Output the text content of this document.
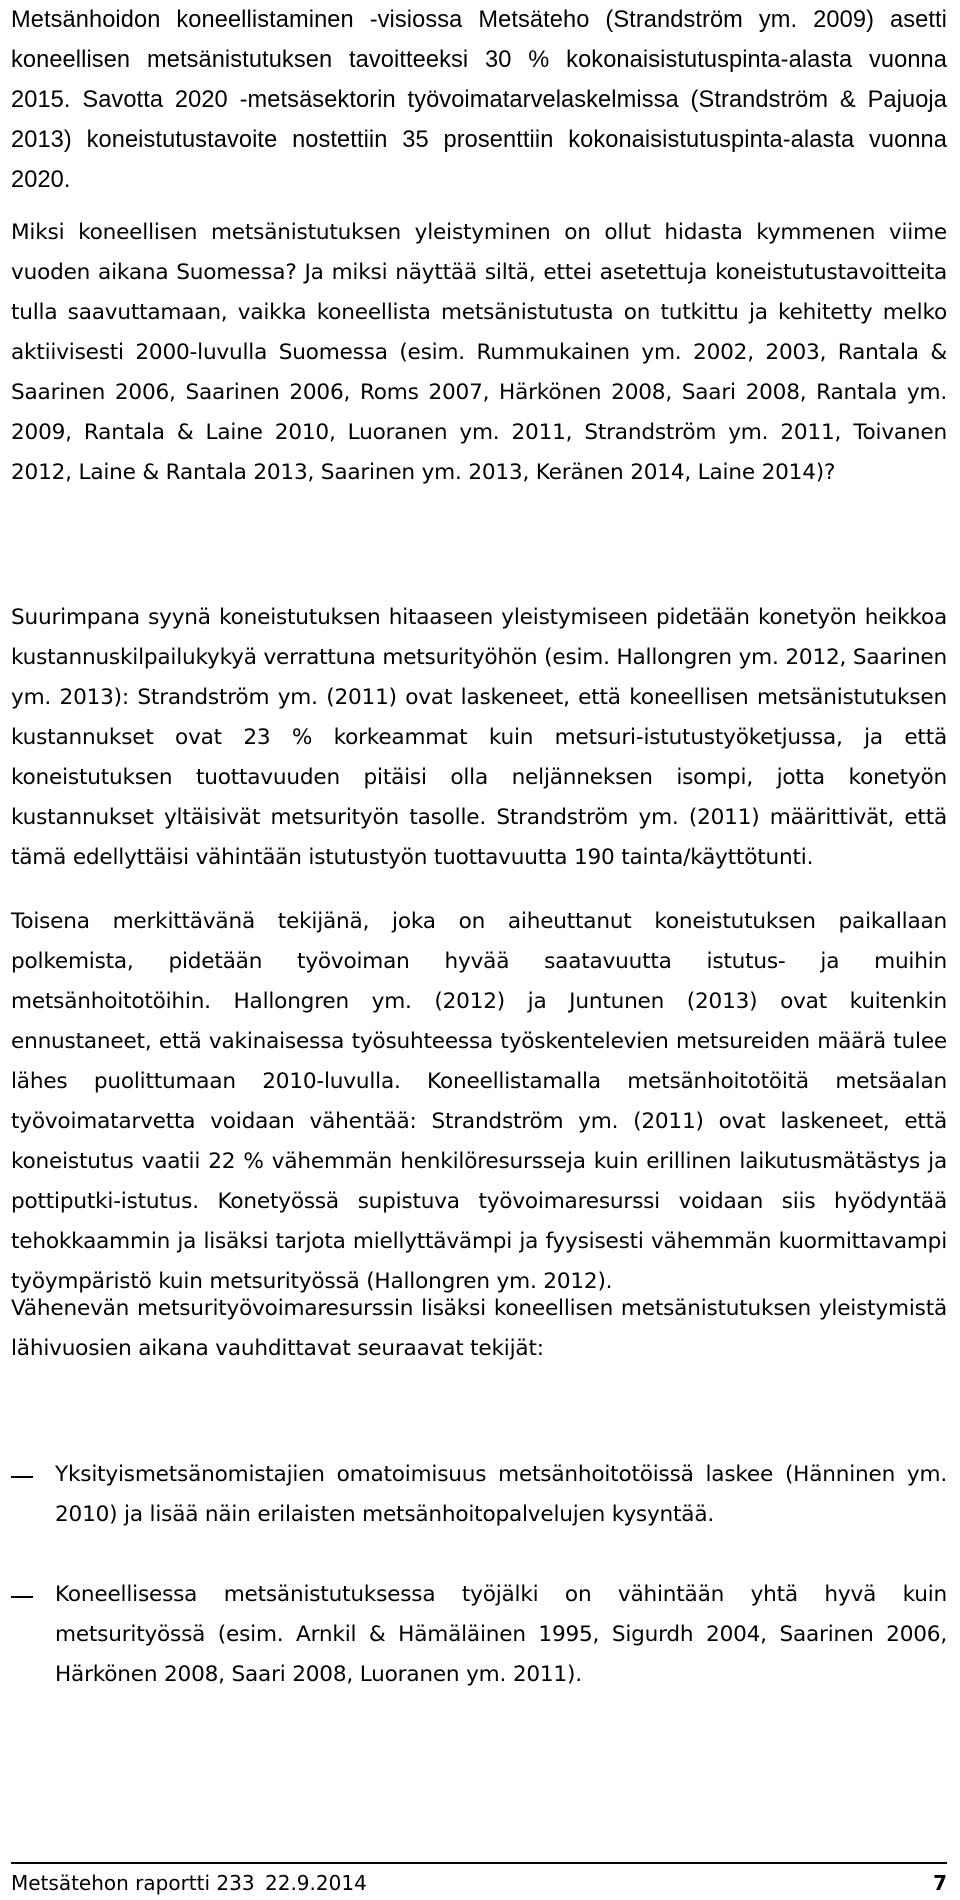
Metsänhoidon koneellistaminen -visiossa Metsäteho (Strandström ym. 2009) asetti koneellisen metsänistutuksen tavoitteeksi 30 % kokonaisistutuspinta-alasta vuonna 2015. Savotta 2020 -metsäsektorin työvoimatarvelaskelmissa (Strandström & Pajuoja 2013) koneistutustavoite nostettiin 35 prosenttiin kokonaisistutuspinta-alasta vuonna 2020.

Miksi koneellisen metsänistutuksen yleistyminen on ollut hidasta kymmenen viime vuoden aikana Suomessa? Ja miksi näyttää siltä, ettei asetettuja koneistutustavoitteita tulla saavuttamaan, vaikka koneellista metsänistutusta on tutkittu ja kehitetty melko aktiivisesti 2000-luvulla Suomessa (esim. Rummukainen ym. 2002, 2003, Rantala & Saarinen 2006, Saarinen 2006, Roms 2007, Härkönen 2008, Saari 2008, Rantala ym. 2009, Rantala & Laine 2010, Luoranen ym. 2011, Strandström ym. 2011, Toivanen 2012, Laine & Rantala 2013, Saarinen ym. 2013, Keränen 2014, Laine 2014)?

Suurimpana syynä koneistutuksen hitaaseen yleistymiseen pidetään konetyön heikkoa kustannuskilpailukykyä verrattuna metsurityöhön (esim. Hallongren ym. 2012, Saarinen ym. 2013): Strandström ym. (2011) ovat laskeneet, että koneellisen metsänistutuksen kustannukset ovat 23 % korkeammat kuin metsuri-istutustyöketjussa, ja että koneistutuksen tuottavuuden pitäisi olla neljänneksen isompi, jotta konetyön kustannukset yltäisivät metsurityön tasolle. Strandström ym. (2011) määrittivät, että tämä edellyttäisi vähintään istutustyön tuottavuutta 190 tainta/käyttötunti.

Toisena merkittävänä tekijänä, joka on aiheuttanut koneistutuksen paikallaan polkemista, pidetään työvoiman hyvää saatavuutta istutus- ja muihin metsänhoitotöihin. Hallongren ym. (2012) ja Juntunen (2013) ovat kuitenkin ennustaneet, että vakinaisessa työsuhteessa työskentelevien metsureiden määrä tulee lähes puolittumaan 2010-luvulla. Koneellistamalla metsänhoitotöitä metsäalan työvoimatarvetta voidaan vähentää: Strandström ym. (2011) ovat laskeneet, että koneistutus vaatii 22 % vähemmän henkilöresursseja kuin erillinen laikutusmätästys ja pottiputki-istutus. Konetyössä supistuva työvoimaresurssi voidaan siis hyödyntää tehokkaammin ja lisäksi tarjota miellyttävämpi ja fyysisesti vähemmän kuormittavampi työympäristö kuin metsurityössä (Hallongren ym. 2012).

Vähenevän metsurityövoimaresurssin lisäksi koneellisen metsänistutuksen yleistymistä lähivuosien aikana vauhdittavat seuraavat tekijät:

Yksityismetsänomistajien omatoimisuus metsänhoitotöissä laskee (Hänninen ym. 2010) ja lisää näin erilaisten metsänhoitopalvelujen kysyntää.
Koneellisessa metsänistutuksessa työjälki on vähintään yhtä hyvä kuin metsurityössä (esim. Arnkil & Hämäläinen 1995, Sigurdh 2004, Saarinen 2006, Härkönen 2008, Saari 2008, Luoranen ym. 2011).
Metsätehon raportti 233 22.9.2014	7
